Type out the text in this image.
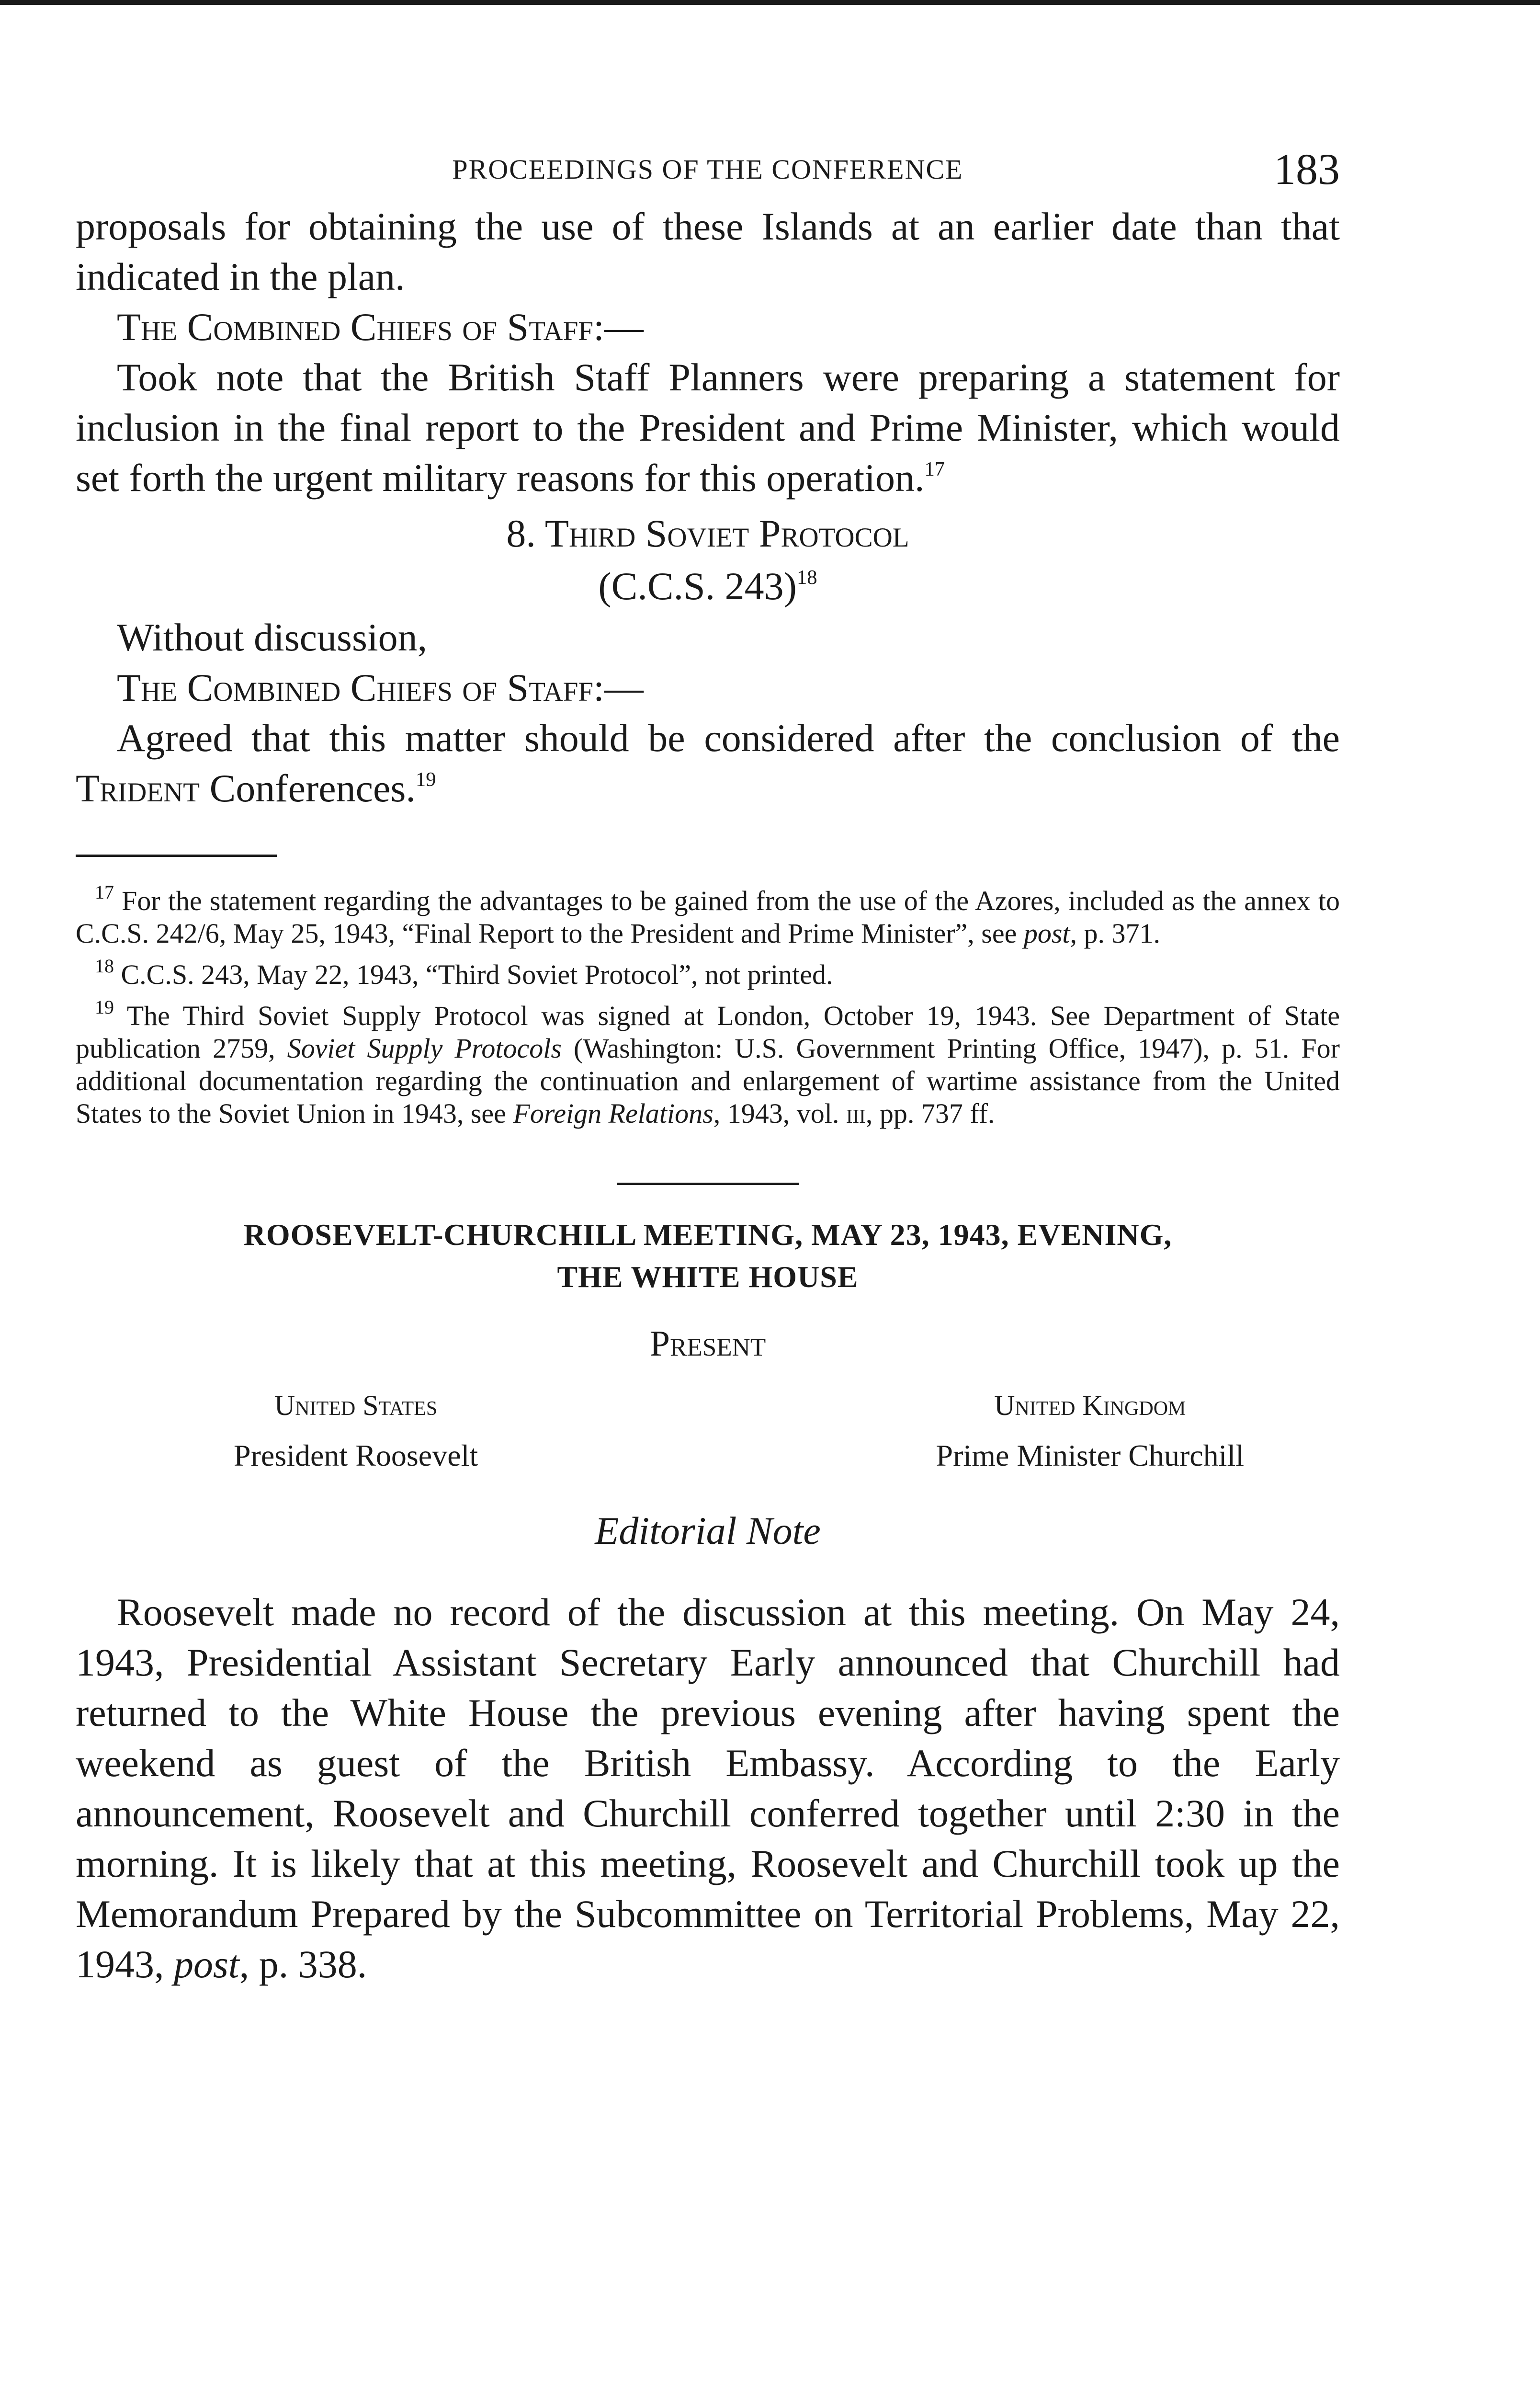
PROCEEDINGS OF THE CONFERENCE	183

proposals for obtaining the use of these Islands at an earlier date than that indicated in the plan.

The Combined Chiefs of Staff:—

Took note that the British Staff Planners were preparing a statement for inclusion in the final report to the President and Prime Minister, which would set forth the urgent military reasons for this operation.$^{17}$

8. Third Soviet Protocol

(C.C.S. 243)$^{18}$

Without discussion,

The Combined Chiefs of Staff:—

Agreed that this matter should be considered after the conclusion of the Trident Conferences.$^{19}$

$^{17}$ For the statement regarding the advantages to be gained from the use of the Azores, included as the annex to C.C.S. 242/6, May 25, 1943, “Final Report to the President and Prime Minister”, see post, p. 371.

$^{18}$ C.C.S. 243, May 22, 1943, “Third Soviet Protocol”, not printed.

$^{19}$ The Third Soviet Supply Protocol was signed at London, October 19, 1943. See Department of State publication 2759, Soviet Supply Protocols (Washington: U.S. Government Printing Office, 1947), p. 51. For additional documentation regarding the continuation and enlargement of wartime assistance from the United States to the Soviet Union in 1943, see Foreign Relations, 1943, vol. iii, pp. 737 ff.

ROOSEVELT-CHURCHILL MEETING, MAY 23, 1943, EVENING,

THE WHITE HOUSE

Present
United States
President Roosevelt
United Kingdom
Prime Minister Churchill
Editorial Note

Roosevelt made no record of the discussion at this meeting. On May 24, 1943, Presidential Assistant Secretary Early announced that Churchill had returned to the White House the previous evening after having spent the weekend as guest of the British Embassy. According to the Early announcement, Roosevelt and Churchill conferred together until 2:30 in the morning. It is likely that at this meeting, Roosevelt and Churchill took up the Memorandum Prepared by the Subcommittee on Territorial Problems, May 22, 1943, post, p. 338.
